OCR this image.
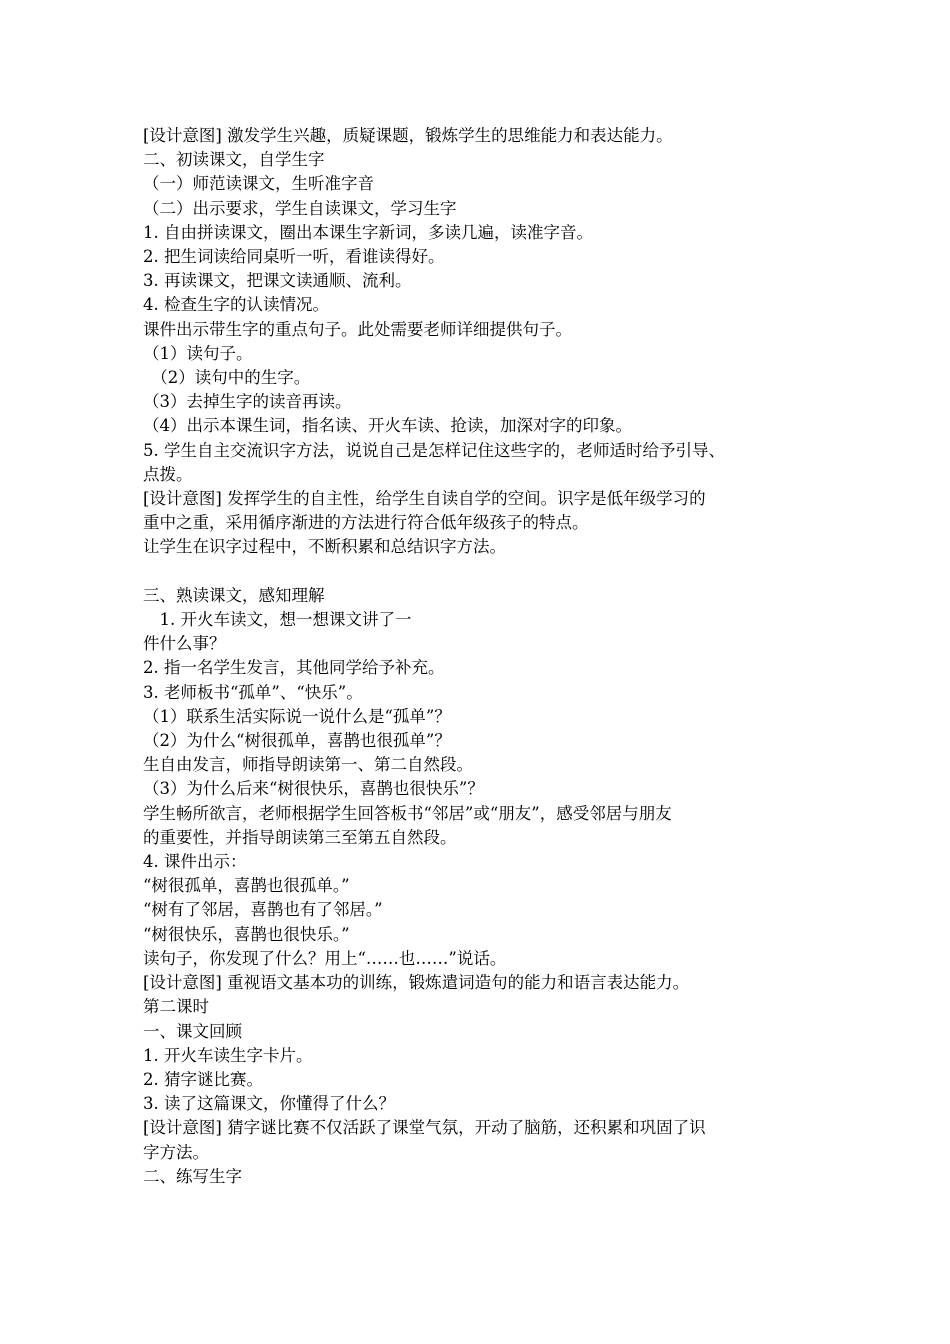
[设计意图] 激发学生兴趣，质疑课题，锻炼学生的思维能力和表达能力。
二、初读课文，自学生字
（一）师范读课文，生听准字音
（二）出示要求，学生自读课文，学习生字
1. 自由拼读课文，圈出本课生字新词，多读几遍，读准字音。
2. 把生词读给同桌听一听，看谁读得好。
3. 再读课文，把课文读通顺、流利。
4. 检查生字的认读情况。
课件出示带生字的重点句子。此处需要老师详细提供句子。
（1）读句子。
　（2）读句中的生字。
（3）去掉生字的读音再读。
（4）出示本课生词，指名读、开火车读、抢读，加深对字的印象。
5. 学生自主交流识字方法，说说自己是怎样记住这些字的，老师适时给予引导、
点拨。
[设计意图] 发挥学生的自主性，给学生自读自学的空间。识字是低年级学习的
重中之重，采用循序渐进的方法进行符合低年级孩子的特点。
让学生在识字过程中，不断积累和总结识字方法。
三、熟读课文，感知理解
　1. 开火车读文，想一想课文讲了一
件什么事？
2. 指一名学生发言，其他同学给予补充。
3. 老师板书“孤单”、“快乐”。
（1）联系生活实际说一说什么是“孤单”？
（2）为什么“树很孤单，喜鹊也很孤单”？
生自由发言，师指导朗读第一、第二自然段。
（3）为什么后来“树很快乐，喜鹊也很快乐”？
学生畅所欲言，老师根据学生回答板书“邻居”或“朋友”，感受邻居与朋友
的重要性，并指导朗读第三至第五自然段。
4. 课件出示：
“树很孤单，喜鹊也很孤单。”
“树有了邻居，喜鹊也有了邻居。”
“树很快乐，喜鹊也很快乐。”
读句子，你发现了什么？用上“……也……”说话。
[设计意图] 重视语文基本功的训练，锻炼遣词造句的能力和语言表达能力。
第二课时
一、课文回顾
1. 开火车读生字卡片。
2. 猜字谜比赛。
3. 读了这篇课文，你懂得了什么？
[设计意图] 猜字谜比赛不仅活跃了课堂气氛，开动了脑筋，还积累和巩固了识
字方法。
二、练写生字
